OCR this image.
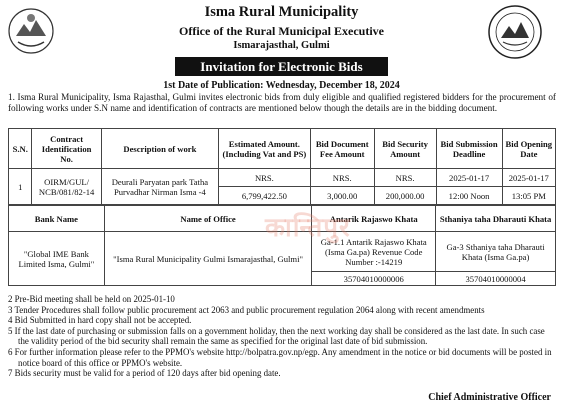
Isma Rural Municipality
Office of the Rural Municipal Executive
Ismarajasthal, Gulmi
Invitation for Electronic Bids
1st Date of Publication: Wednesday, December 18, 2024
1. Isma Rural Municipality, Isma Rajasthal, Gulmi invites electronic bids from duly eligible and qualified registered bidders for the procurement of following works under S.N name and identification of contracts are mentioned below though the details are in the bidding document.
S.N.	Contract Identification No.	Description of work	Estimated Amount.(Including Vat and PS)	Bid Document Fee Amount	Bid Security Amount	Bid Submission Deadline	Bid Opening Date
1	OIRM/GUL/ NCB/081/82-14	Deurali Paryatan park Tatha Purvadhar Nirman Isma -4	NRS.	NRS.	NRS.	2025-01-17	2025-01-17
			6,799,422.50	3,000.00	200,000.00	12:00 Noon	13:05 PM
Bank Name	Name of Office	Antarik Rajaswo Khata	Sthaniya taha Dharauti Khata
"Global IME Bank Limited Isma, Gulmi"	"Isma Rural Municipality Gulmi Ismarajasthal, Gulmi"	Ga-1.1 Antarik Rajaswo Khata (Isma Ga.pa) Revenue Code Number :-14219	Ga-3 Sthaniya taha Dharauti Khata (Isma Ga.pa)
		35704010000006	35704010000004
कान्तिपुर
2 Pre-Bid meeting shall be held on 2025-01-10
3 Tender Procedures shall follow public procurement act 2063 and public procurement regulation 2064 along with recent amendments
4 Bid Submitted in hard copy shall not be accepted.
5 If the last date of purchasing or submission falls on a government holiday, then the next working day shall be considered as the last date. In such case the validity period of the bid security shall remain the same as specified for the original last date of bid submission.
6 For further information please refer to the PPMO's website http://bolpatra.gov.np/egp. Any amendment in the notice or bid documents will be posted in notice board of this office or PPMO's website.
7 Bids security must be valid for a period of 120 days after bid opening date.
Chief Administrative Officer
